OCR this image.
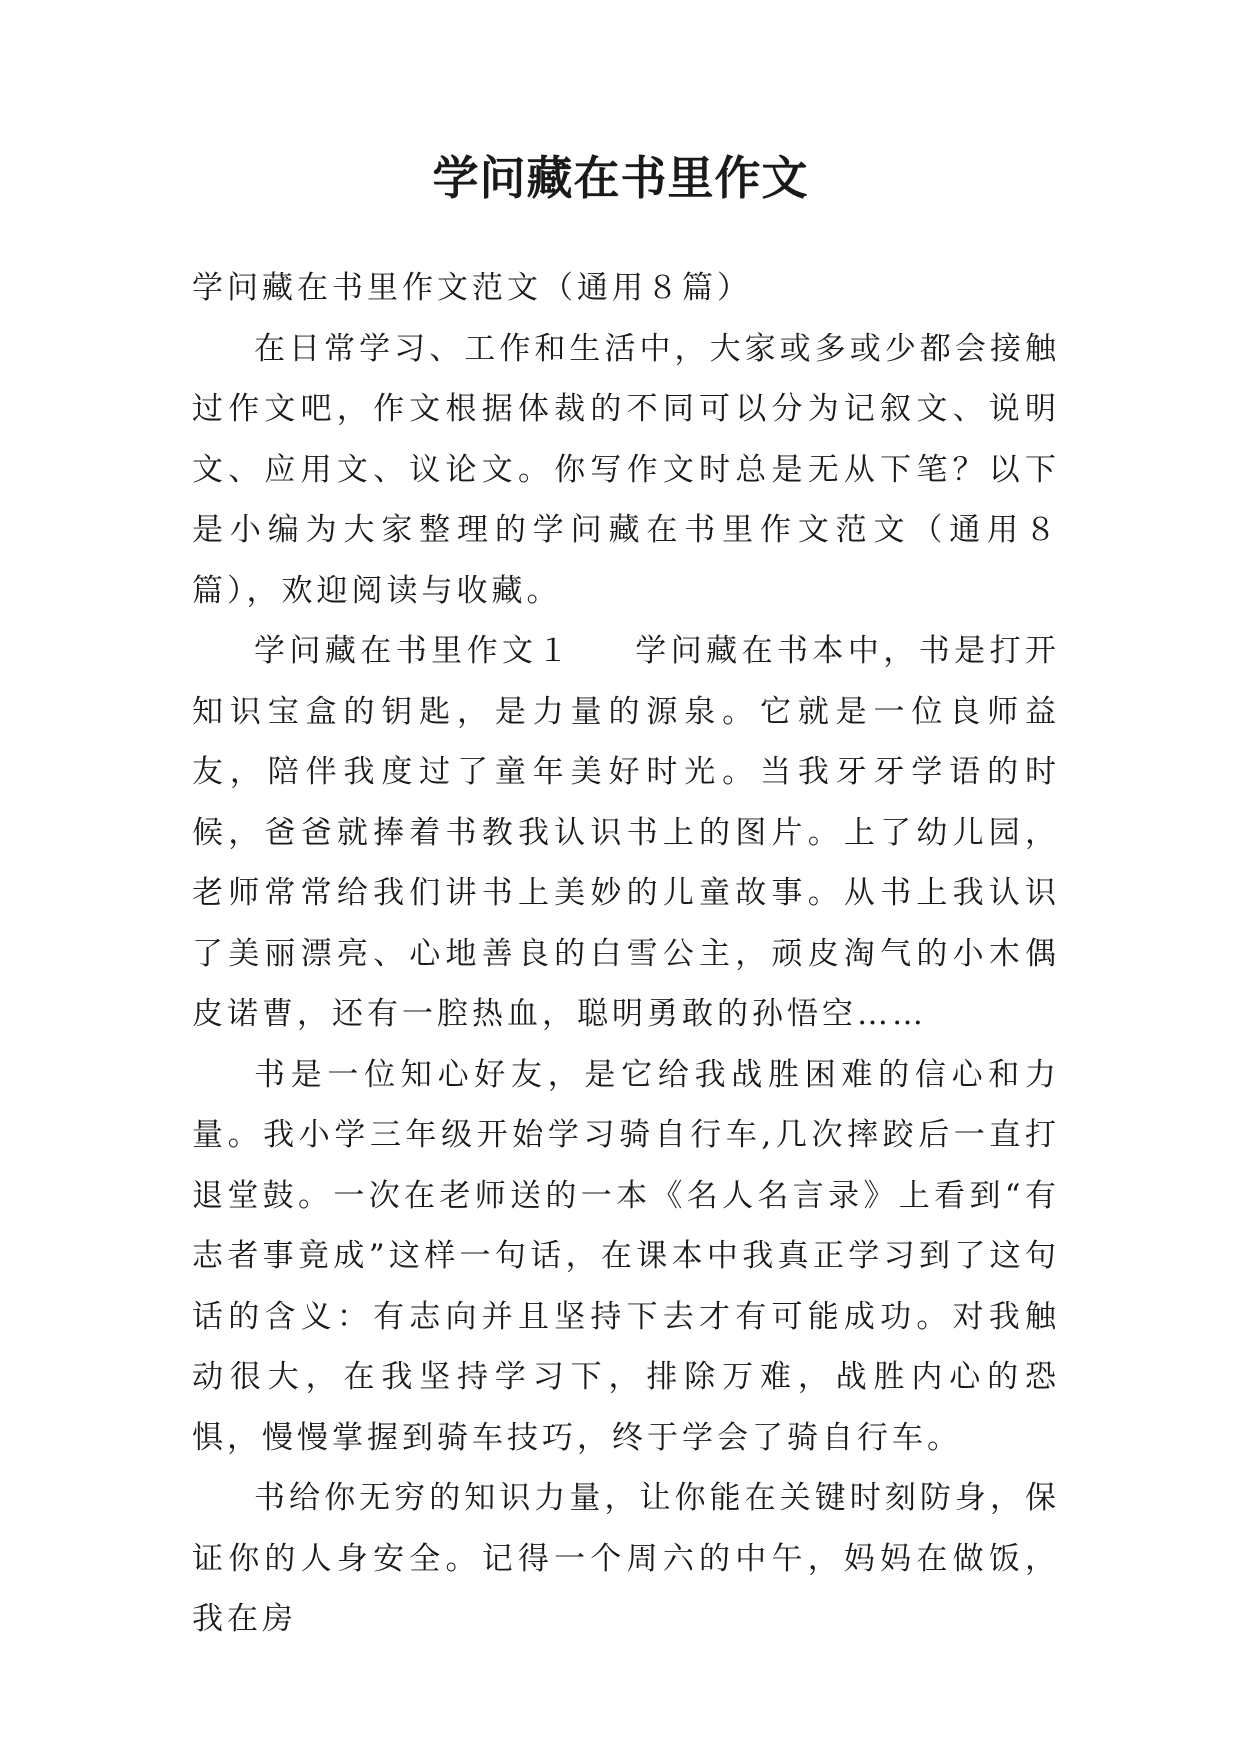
学问藏在书里作文

学问藏在书里作文范文（通用８篇）

在日常学习、工作和生活中，大家或多或少都会接触过作文吧，作文根据体裁的不同可以分为记叙文、说明文、应用文、议论文。你写作文时总是无从下笔？以下是小编为大家整理的学问藏在书里作文范文（通用８篇），欢迎阅读与收藏。

学问藏在书里作文１ 学问藏在书本中，书是打开知识宝盒的钥匙，是力量的源泉。它就是一位良师益友，陪伴我度过了童年美好时光。当我牙牙学语的时候，爸爸就捧着书教我认识书上的图片。上了幼儿园，老师常常给我们讲书上美妙的儿童故事。从书上我认识了美丽漂亮、心地善良的白雪公主，顽皮淘气的小木偶皮诺曹，还有一腔热血，聪明勇敢的孙悟空……

书是一位知心好友，是它给我战胜困难的信心和力量。我小学三年级开始学习骑自行车,几次摔跤后一直打退堂鼓。一次在老师送的一本《名人名言录》上看到“有志者事竟成”这样一句话，在课本中我真正学习到了这句话的含义：有志向并且坚持下去才有可能成功。对我触动很大，在我坚持学习下，排除万难，战胜内心的恐惧，慢慢掌握到骑车技巧，终于学会了骑自行车。

书给你无穷的知识力量，让你能在关键时刻防身，保证你的人身安全。记得一个周六的中午，妈妈在做饭，我在房
